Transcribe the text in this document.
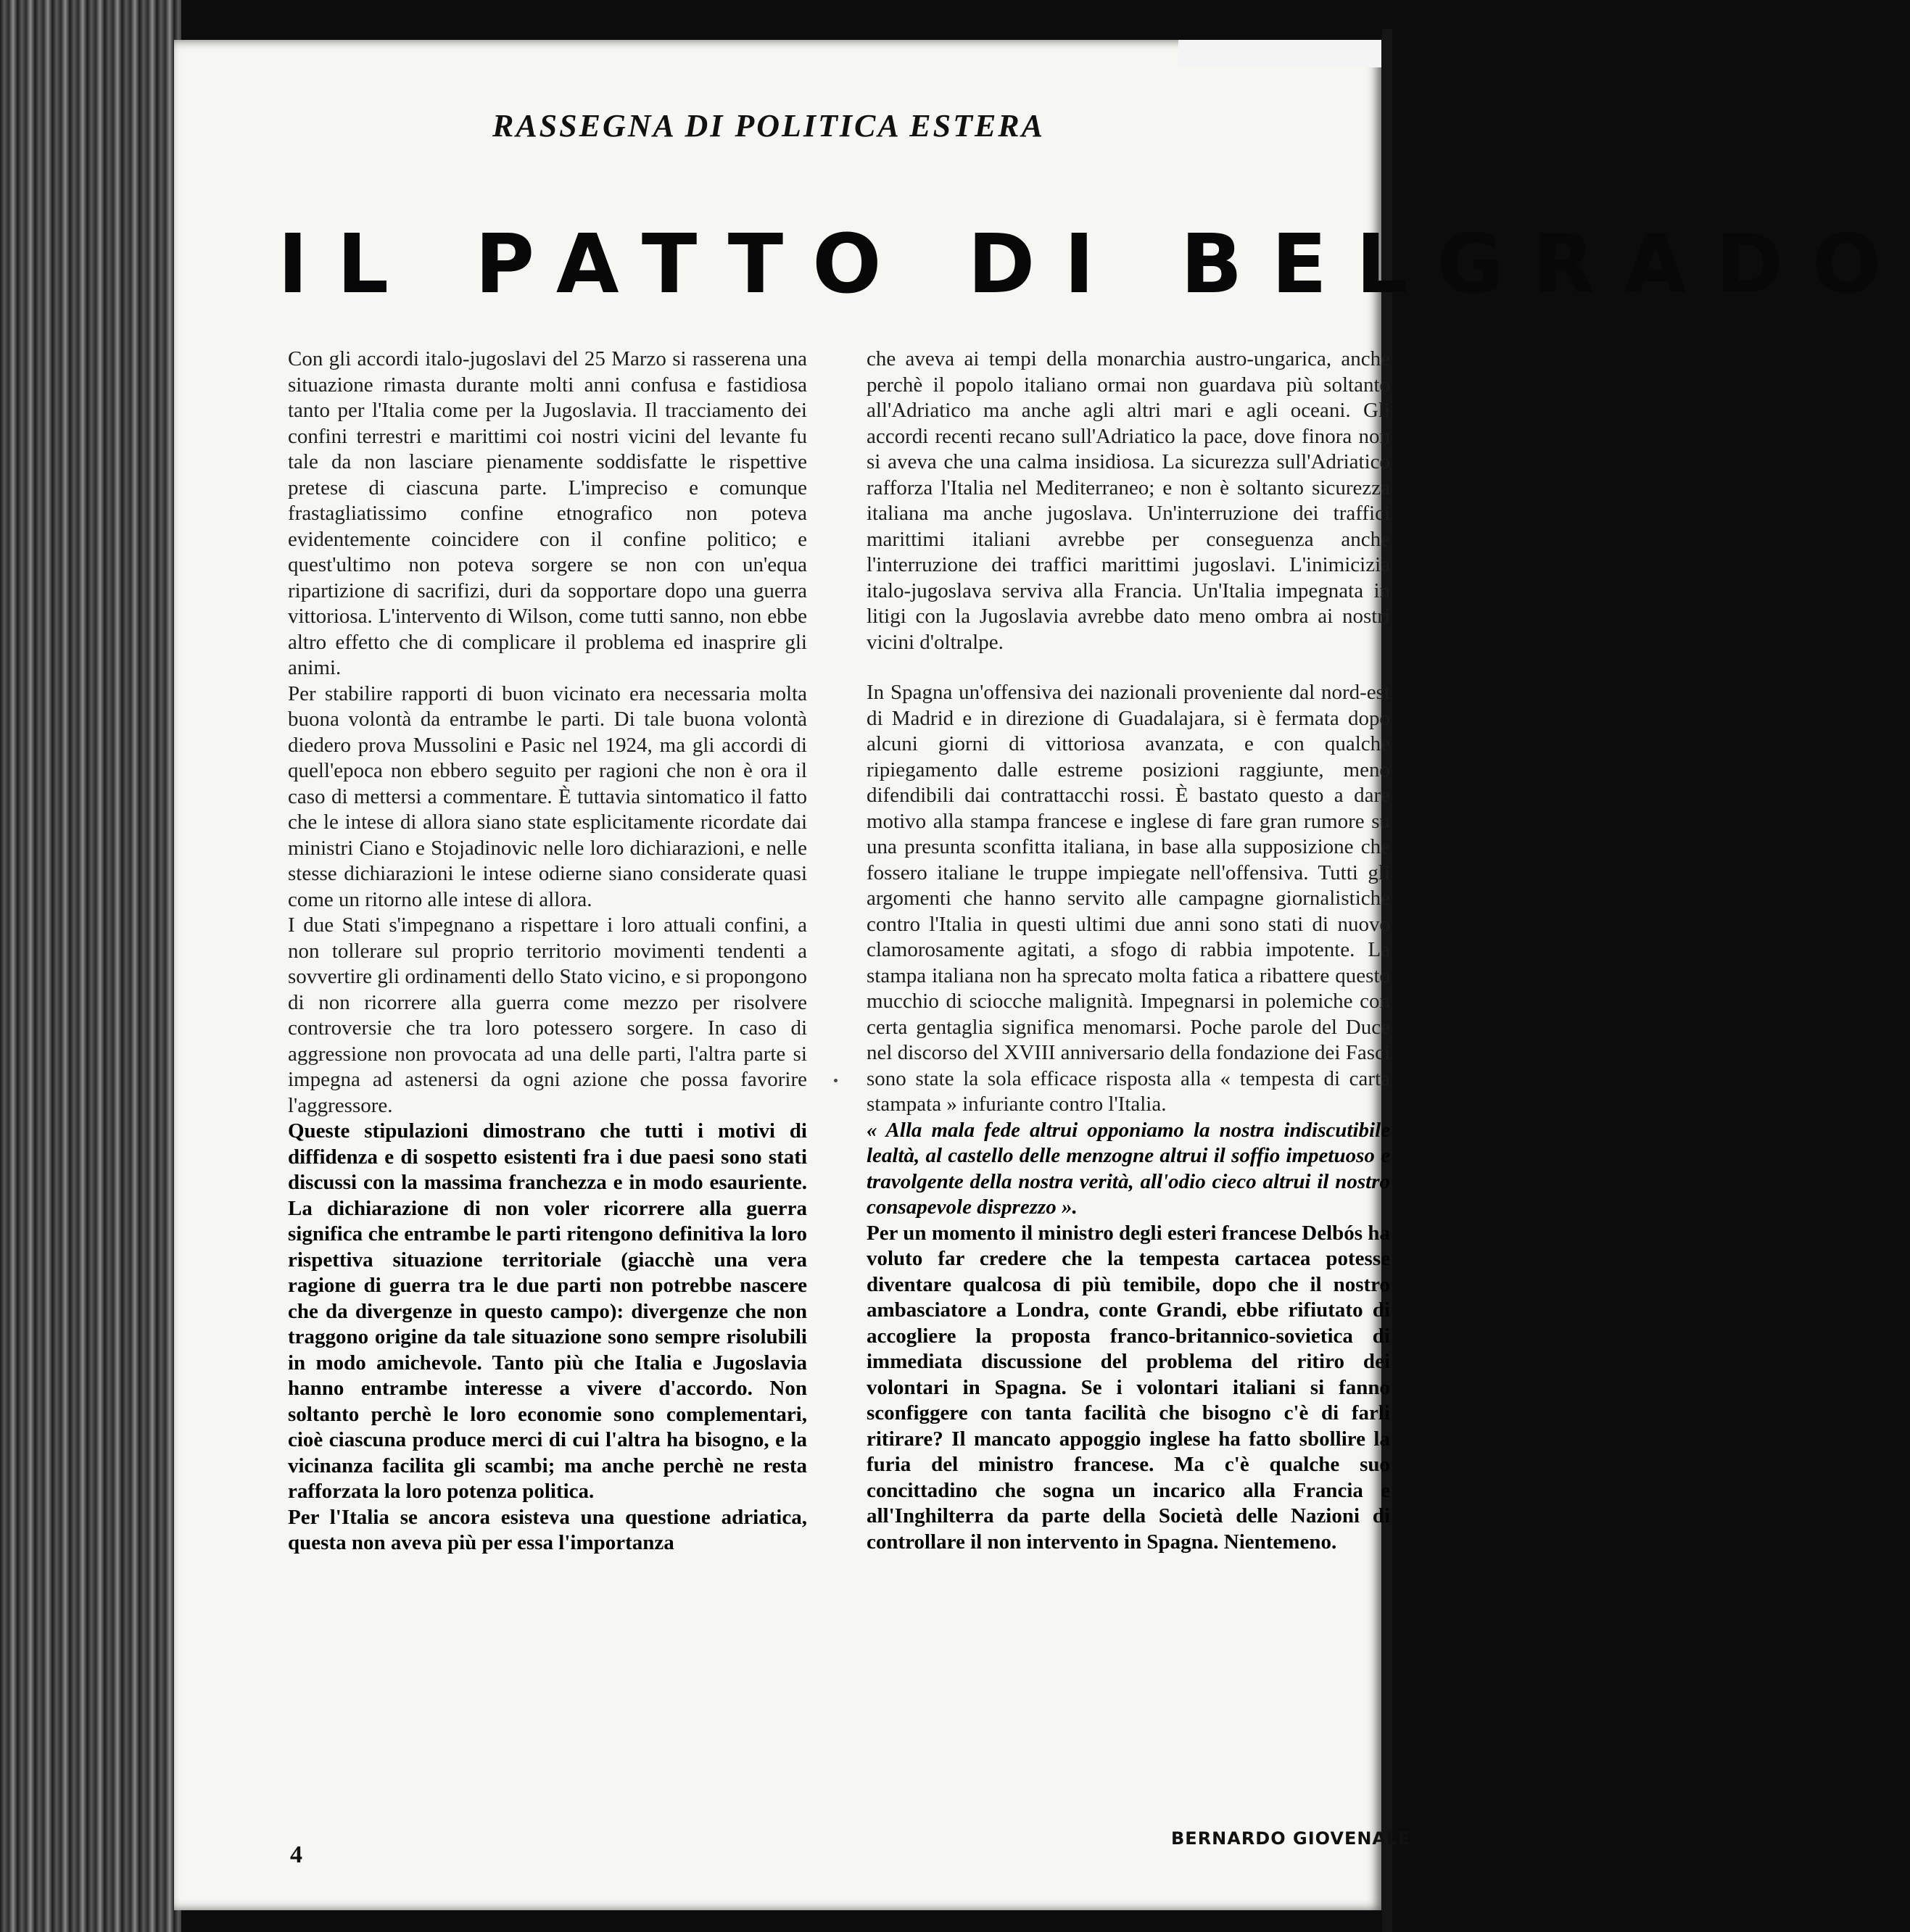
RASSEGNA DI POLITICA ESTERA
IL PATTO DI BELGRADO

Con gli accordi italo-jugoslavi del 25 Marzo si rasserena una situazione rimasta durante molti anni confusa e fastidiosa tanto per l'Italia come per la Jugoslavia. Il tracciamento dei confini terrestri e marittimi coi nostri vicini del levante fu tale da non lasciare pienamente soddisfatte le rispettive pretese di ciascuna parte. L'impreciso e comunque frastagliatissimo confine etnografico non poteva evidentemente coincidere con il confine politico; e quest'ultimo non poteva sorgere se non con un'equa ripartizione di sacrifizi, duri da sopportare dopo una guerra vittoriosa. L'intervento di Wilson, come tutti sanno, non ebbe altro effetto che di complicare il problema ed inasprire gli animi.

Per stabilire rapporti di buon vicinato era necessaria molta buona volontà da entrambe le parti. Di tale buona volontà diedero prova Mussolini e Pasic nel 1924, ma gli accordi di quell'epoca non ebbero seguito per ragioni che non è ora il caso di mettersi a commentare. È tuttavia sintomatico il fatto che le intese di allora siano state esplicitamente ricordate dai ministri Ciano e Stojadinovic nelle loro dichiarazioni, e nelle stesse dichiarazioni le intese odierne siano considerate quasi come un ritorno alle intese di allora.

I due Stati s'impegnano a rispettare i loro attuali confini, a non tollerare sul proprio territorio movimenti tendenti a sovvertire gli ordinamenti dello Stato vicino, e si propongono di non ricorrere alla guerra come mezzo per risolvere controversie che tra loro potessero sorgere. In caso di aggressione non provocata ad una delle parti, l'altra parte si impegna ad astenersi da ogni azione che possa favorire l'aggressore.

Queste stipulazioni dimostrano che tutti i motivi di diffidenza e di sospetto esistenti fra i due paesi sono stati discussi con la massima franchezza e in modo esauriente. La dichiarazione di non voler ricorrere alla guerra significa che entrambe le parti ritengono definitiva la loro rispettiva situazione territoriale (giacchè una vera ragione di guerra tra le due parti non potrebbe nascere che da divergenze in questo campo): divergenze che non traggono origine da tale situazione sono sempre risolubili in modo amichevole. Tanto più che Italia e Jugoslavia hanno entrambe interesse a vivere d'accordo. Non soltanto perchè le loro economie sono complementari, cioè ciascuna produce merci di cui l'altra ha bisogno, e la vicinanza facilita gli scambi; ma anche perchè ne resta rafforzata la loro potenza politica.

Per l'Italia se ancora esisteva una questione adriatica, questa non aveva più per essa l'importanza

che aveva ai tempi della monarchia austro-ungarica, anche perchè il popolo italiano ormai non guardava più soltanto all'Adriatico ma anche agli altri mari e agli oceani. Gli accordi recenti recano sull'Adriatico la pace, dove finora non si aveva che una calma insidiosa. La sicurezza sull'Adriatico rafforza l'Italia nel Mediterraneo; e non è soltanto sicurezza italiana ma anche jugoslava. Un'interruzione dei traffici marittimi italiani avrebbe per conseguenza anche l'interruzione dei traffici marittimi jugoslavi. L'inimicizia italo-jugoslava serviva alla Francia. Un'Italia impegnata in litigi con la Jugoslavia avrebbe dato meno ombra ai nostri vicini d'oltralpe.

In Spagna un'offensiva dei nazionali proveniente dal nord-est di Madrid e in direzione di Guadalajara, si è fermata dopo alcuni giorni di vittoriosa avanzata, e con qualche ripiegamento dalle estreme posizioni raggiunte, meno difendibili dai contrattacchi rossi. È bastato questo a dare motivo alla stampa francese e inglese di fare gran rumore su una presunta sconfitta italiana, in base alla supposizione che fossero italiane le truppe impiegate nell'offensiva. Tutti gli argomenti che hanno servito alle campagne giornalistiche contro l'Italia in questi ultimi due anni sono stati di nuovo clamorosamente agitati, a sfogo di rabbia impotente. La stampa italiana non ha sprecato molta fatica a ribattere questo mucchio di sciocche malignità. Impegnarsi in polemiche con certa gentaglia significa menomarsi. Poche parole del Duce nel discorso del XVIII anniversario della fondazione dei Fasci sono state la sola efficace risposta alla « tempesta di carta stampata » infuriante contro l'Italia.

« Alla mala fede altrui opponiamo la nostra indiscutibile lealtà, al castello delle menzogne altrui il soffio impetuoso e travolgente della nostra verità, all'odio cieco altrui il nostro consapevole disprezzo ».

Per un momento il ministro degli esteri francese Delbós ha voluto far credere che la tempesta cartacea potesse diventare qualcosa di più temibile, dopo che il nostro ambasciatore a Londra, conte Grandi, ebbe rifiutato di accogliere la proposta franco-britannico-sovietica di immediata discussione del problema del ritiro dei volontari in Spagna. Se i volontari italiani si fanno sconfiggere con tanta facilità che bisogno c'è di farli ritirare? Il mancato appoggio inglese ha fatto sbollire la furia del ministro francese. Ma c'è qualche suo concittadino che sogna un incarico alla Francia e all'Inghilterra da parte della Società delle Nazioni di controllare il non intervento in Spagna. Nientemeno.

4
BERNARDO GIOVENALE
